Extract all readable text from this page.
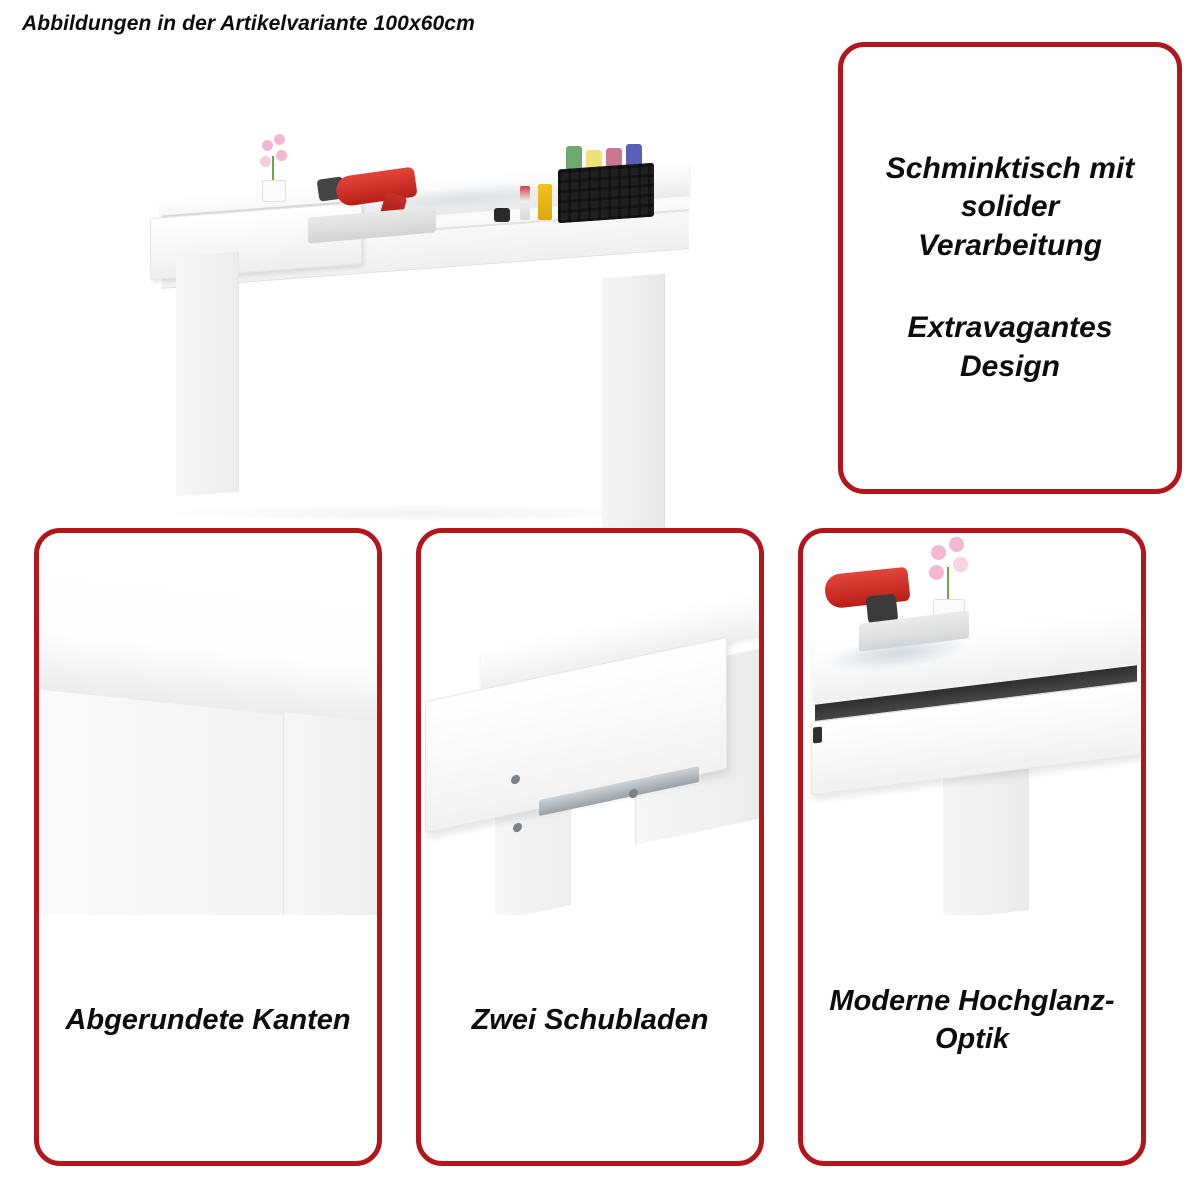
Abbildungen in der Artikelvariante 100x60cm
Schminktisch mit solider Verarbeitung
Extravagantes Design
Abgerundete Kanten	Zwei Schubladen
Moderne Hochglanz-Optik
